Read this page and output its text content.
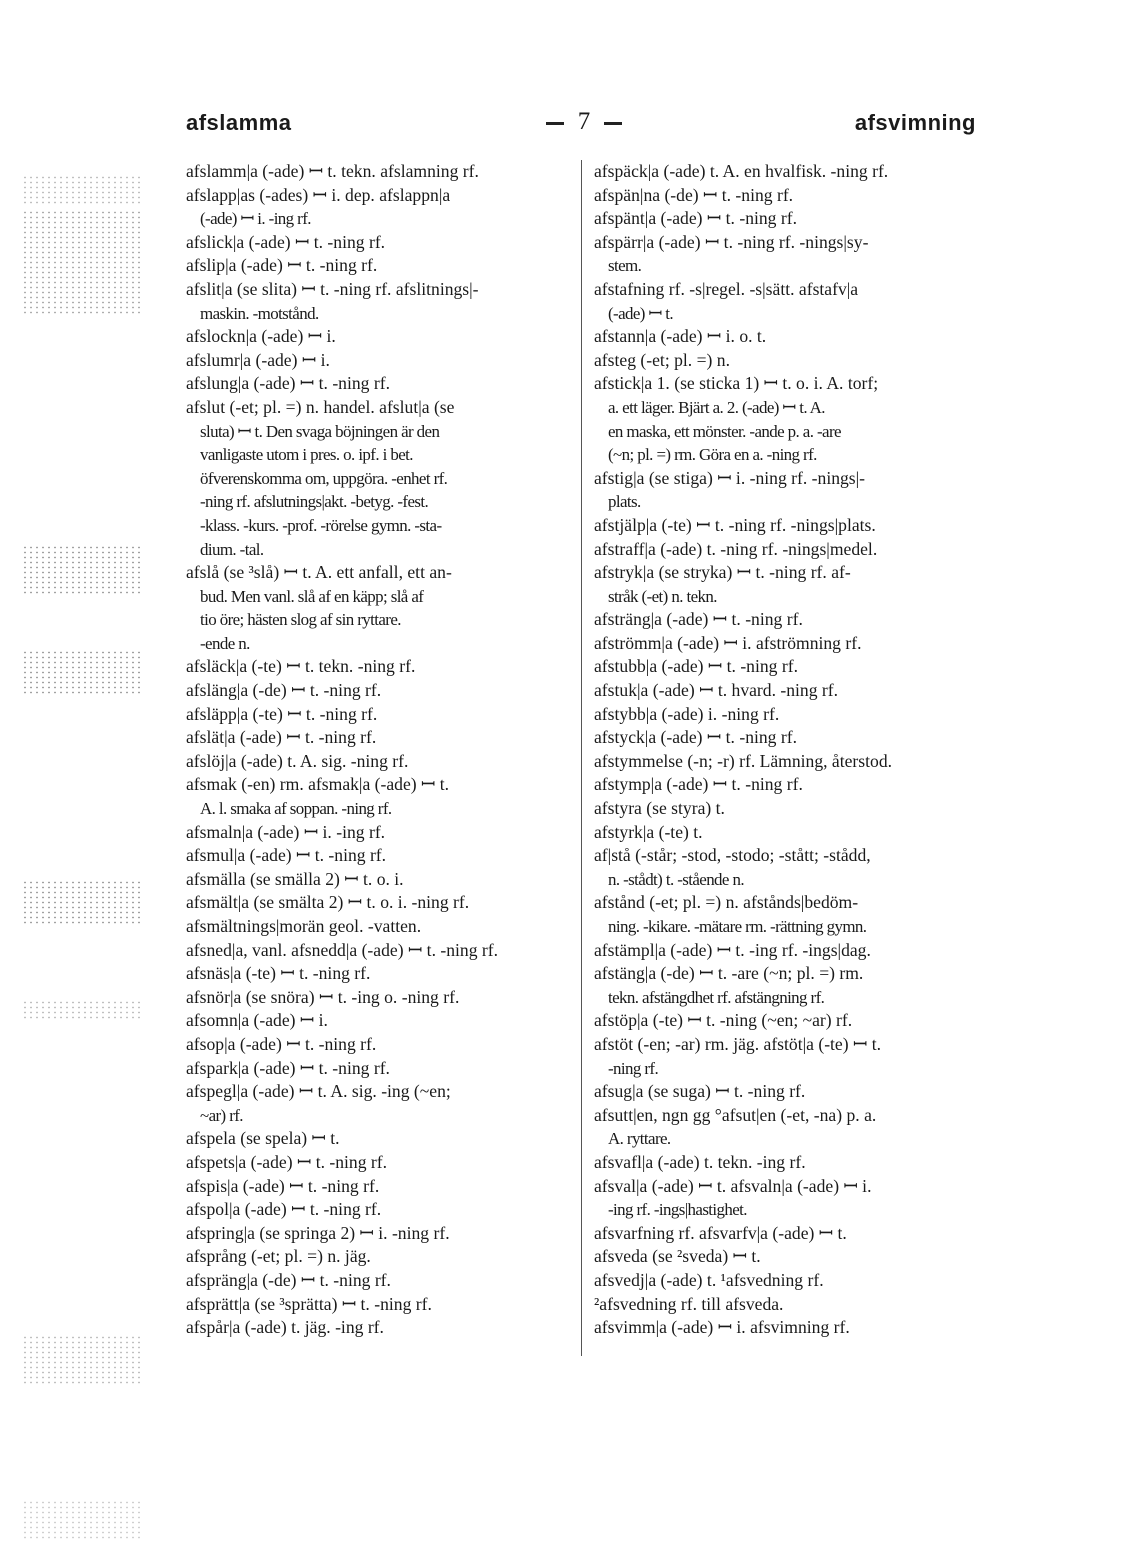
afslamma	7	afsvimning
afslamm|a (-ade) ꟷ t. tekn. afslamning rf.
afslapp|as (-ades) ꟷ i. dep. afslappn|a
(-ade) ꟷ i. -ing rf.
afslick|a (-ade) ꟷ t. -ning rf.
afslip|a (-ade) ꟷ t. -ning rf.
afslit|a (se slita) ꟷ t. -ning rf. afslitnings|-
maskin. -motstånd.
afslockn|a (-ade) ꟷ i.
afslumr|a (-ade) ꟷ i.
afslung|a (-ade) ꟷ t. -ning rf.
afslut (-et; pl. =) n. handel. afslut|a (se
sluta) ꟷ t. Den svaga böjningen är den
vanligaste utom i pres. o. ipf. i bet.
öfverenskomma om, uppgöra. -enhet rf.
-ning rf. afslutnings|akt. -betyg. -fest.
-klass. -kurs. -prof. -rörelse gymn. -sta-
dium. -tal.
afslå (se ³slå) ꟷ t. A. ett anfall, ett an-
bud. Men vanl. slå af en käpp; slå af
tio öre; hästen slog af sin ryttare.
-ende n.
afsläck|a (-te) ꟷ t. tekn. -ning rf.
afsläng|a (-de) ꟷ t. -ning rf.
afsläpp|a (-te) ꟷ t. -ning rf.
afslät|a (-ade) ꟷ t. -ning rf.
afslöj|a (-ade) t. A. sig. -ning rf.
afsmak (-en) rm. afsmak|a (-ade) ꟷ t.
A. l. smaka af soppan. -ning rf.
afsmaln|a (-ade) ꟷ i. -ing rf.
afsmul|a (-ade) ꟷ t. -ning rf.
afsmälla (se smälla 2) ꟷ t. o. i.
afsmält|a (se smälta 2) ꟷ t. o. i. -ning rf.
afsmältnings|morän geol. -vatten.
afsned|a, vanl. afsnedd|a (-ade) ꟷ t. -ning rf.
afsnäs|a (-te) ꟷ t. -ning rf.
afsnör|a (se snöra) ꟷ t. -ing o. -ning rf.
afsomn|a (-ade) ꟷ i.
afsop|a (-ade) ꟷ t. -ning rf.
afspark|a (-ade) ꟷ t. -ning rf.
afspegl|a (-ade) ꟷ t. A. sig. -ing (~en;
~ar) rf.
afspela (se spela) ꟷ t.
afspets|a (-ade) ꟷ t. -ning rf.
afspis|a (-ade) ꟷ t. -ning rf.
afspol|a (-ade) ꟷ t. -ning rf.
afspring|a (se springa 2) ꟷ i. -ning rf.
afsprång (-et; pl. =) n. jäg.
afspräng|a (-de) ꟷ t. -ning rf.
afsprätt|a (se ³sprätta) ꟷ t. -ning rf.
afspår|a (-ade) t. jäg. -ing rf.
afspäck|a (-ade) t. A. en hvalfisk. -ning rf.
afspän|na (-de) ꟷ t. -ning rf.
afspänt|a (-ade) ꟷ t. -ning rf.
afspärr|a (-ade) ꟷ t. -ning rf. -nings|sy-
stem.
afstafning rf. -s|regel. -s|sätt. afstafv|a
(-ade) ꟷ t.
afstann|a (-ade) ꟷ i. o. t.
afsteg (-et; pl. =) n.
afstick|a 1. (se sticka 1) ꟷ t. o. i. A. torf;
a. ett läger. Bjärt a. 2. (-ade) ꟷ t. A.
en maska, ett mönster. -ande p. a. -are
(~n; pl. =) rm. Göra en a. -ning rf.
afstig|a (se stiga) ꟷ i. -ning rf. -nings|-
plats.
afstjälp|a (-te) ꟷ t. -ning rf. -nings|plats.
afstraff|a (-ade) t. -ning rf. -nings|medel.
afstryk|a (se stryka) ꟷ t. -ning rf. af-
stråk (-et) n. tekn.
afsträng|a (-ade) ꟷ t. -ning rf.
afströmm|a (-ade) ꟷ i. afströmning rf.
afstubb|a (-ade) ꟷ t. -ning rf.
afstuk|a (-ade) ꟷ t. hvard. -ning rf.
afstybb|a (-ade) i. -ning rf.
afstyck|a (-ade) ꟷ t. -ning rf.
afstymmelse (-n; -r) rf. Lämning, återstod.
afstymp|a (-ade) ꟷ t. -ning rf.
afstyra (se styra) t.
afstyrk|a (-te) t.
af|stå (-står; -stod, -stodo; -stått; -stådd,
n. -stådt) t. -stående n.
afstånd (-et; pl. =) n. afstånds|bedöm-
ning. -kikare. -mätare rm. -rättning gymn.
afstämpl|a (-ade) ꟷ t. -ing rf. -ings|dag.
afstäng|a (-de) ꟷ t. -are (~n; pl. =) rm.
tekn. afstängdhet rf. afstängning rf.
afstöp|a (-te) ꟷ t. -ning (~en; ~ar) rf.
afstöt (-en; -ar) rm. jäg. afstöt|a (-te) ꟷ t.
-ning rf.
afsug|a (se suga) ꟷ t. -ning rf.
afsutt|en, ngn gg °afsut|en (-et, -na) p. a.
A. ryttare.
afsvafl|a (-ade) t. tekn. -ing rf.
afsval|a (-ade) ꟷ t. afsvaln|a (-ade) ꟷ i.
-ing rf. -ings|hastighet.
afsvarfning rf. afsvarfv|a (-ade) ꟷ t.
afsveda (se ²sveda) ꟷ t.
afsvedj|a (-ade) t. ¹afsvedning rf.
²afsvedning rf. till afsveda.
afsvimm|a (-ade) ꟷ i. afsvimning rf.
